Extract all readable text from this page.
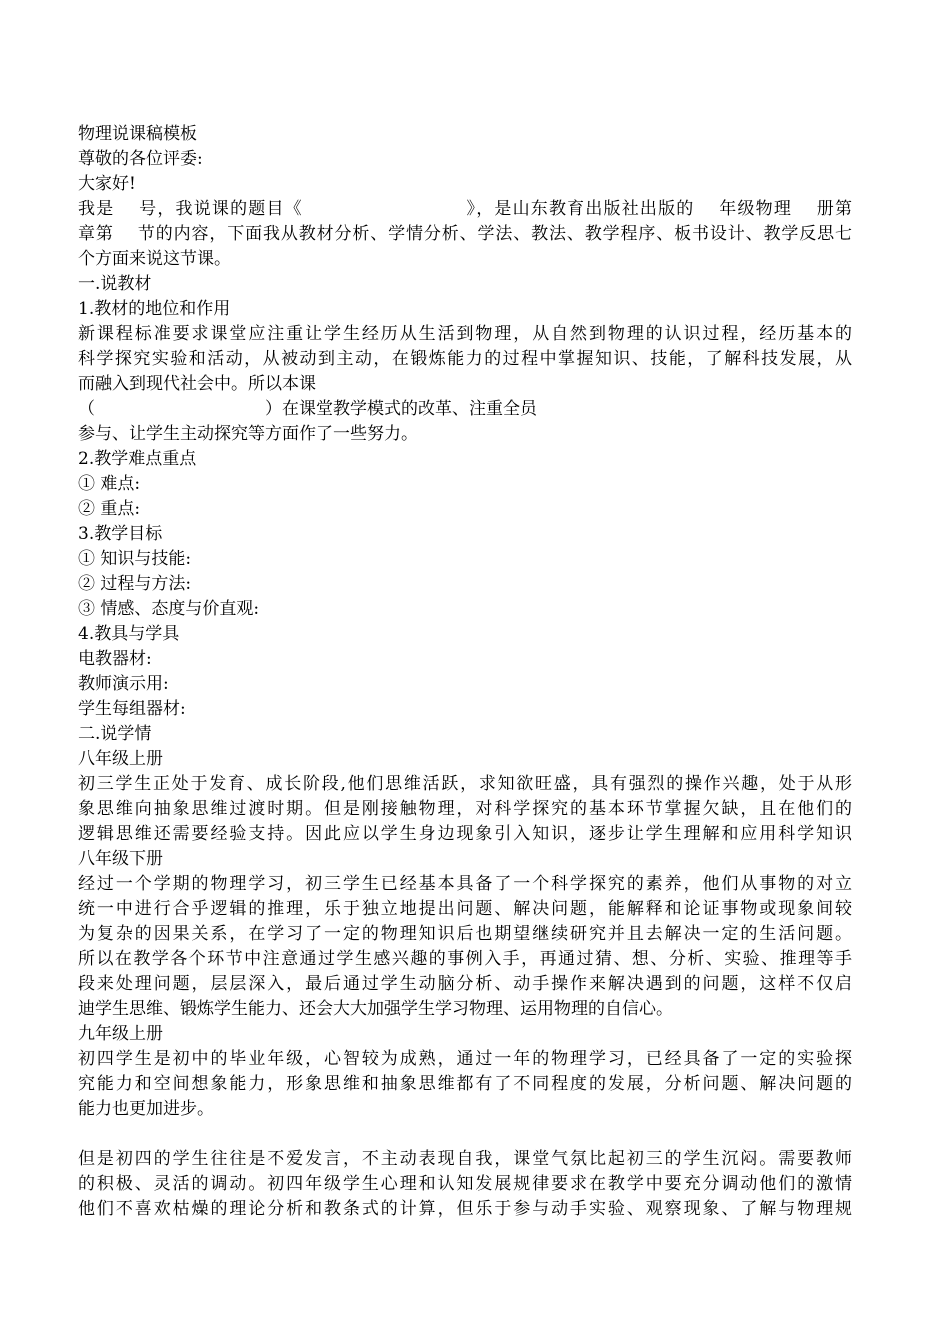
物理说课稿模板
尊敬的各位评委:
大家好!
我是　 号，我说课的题目《　　　　　　　　　》，是山东教育出版社出版的　 年级物理　 册第
章第　 节的内容，下面我从教材分析、学情分析、学法、教法、教学程序、板书设计、教学反思七
个方面来说这节课。
一.说教材
1.教材的地位和作用
新课程标准要求课堂应注重让学生经历从生活到物理，从自然到物理的认识过程，经历基本的
科学探究实验和活动，从被动到主动，在锻炼能力的过程中掌握知识、技能，了解科技发展，从
而融入到现代社会中。所以本课
（　　　　　　　　　　）在课堂教学模式的改革、注重全员
参与、让学生主动探究等方面作了一些努力。
2.教学难点重点
① 难点:
② 重点:
3.教学目标
① 知识与技能:
② 过程与方法:
③ 情感、态度与价直观:
4.教具与学具
电教器材:
教师演示用:
学生每组器材:
二.说学情
八年级上册
初三学生正处于发育、成长阶段,他们思维活跃，求知欲旺盛，具有强烈的操作兴趣，处于从形
象思维向抽象思维过渡时期。但是刚接触物理，对科学探究的基本环节掌握欠缺，且在他们的
逻辑思维还需要经验支持。因此应以学生身边现象引入知识，逐步让学生理解和应用科学知识
八年级下册
经过一个学期的物理学习，初三学生已经基本具备了一个科学探究的素养，他们从事物的对立
统一中进行合乎逻辑的推理，乐于独立地提出问题、解决问题，能解释和论证事物或现象间较
为复杂的因果关系，在学习了一定的物理知识后也期望继续研究并且去解决一定的生活问题。
所以在教学各个环节中注意通过学生感兴趣的事例入手，再通过猜、想、分析、实验、推理等手
段来处理问题，层层深入，最后通过学生动脑分析、动手操作来解决遇到的问题，这样不仅启
迪学生思维、锻炼学生能力、还会大大加强学生学习物理、运用物理的自信心。
九年级上册
初四学生是初中的毕业年级，心智较为成熟，通过一年的物理学习，已经具备了一定的实验探
究能力和空间想象能力，形象思维和抽象思维都有了不同程度的发展，分析问题、解决问题的
能力也更加进步。
但是初四的学生往往是不爱发言，不主动表现自我，课堂气氛比起初三的学生沉闷。需要教师
的积极、灵活的调动。初四年级学生心理和认知发展规律要求在教学中要充分调动他们的激情
他们不喜欢枯燥的理论分析和教条式的计算，但乐于参与动手实验、观察现象、了解与物理规
